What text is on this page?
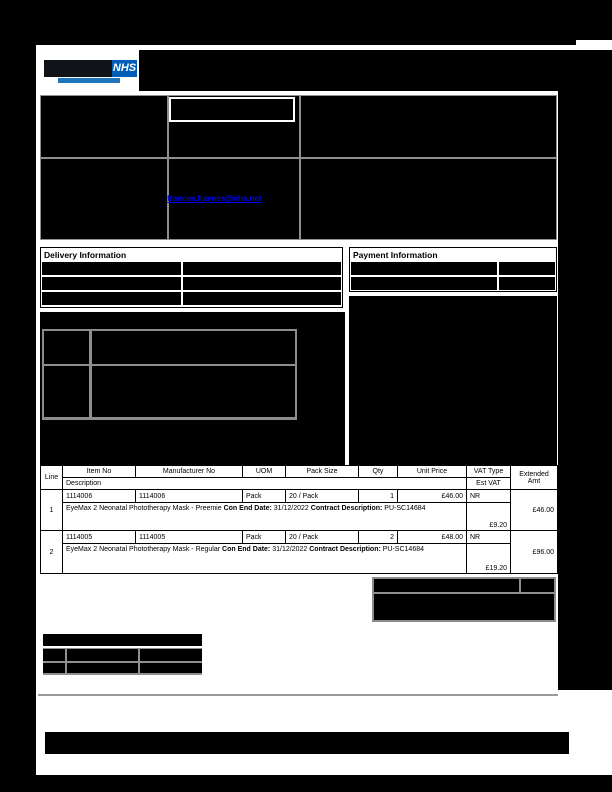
NHS
frances.haynes@nhs.net
Delivery Information	Payment Information
Line	Item No	Manufacturer No	UOM	Pack Size	Qty	Unit Price	VAT Type	Extended Amt
	Description						Est VAT	
1	1114006	1114006	Pack	20 / Pack	1	£46.00	NR	£46.00
	EyeMax 2 Neonatal Phototherapy Mask - Preemie Con End Date: 31/12/2022 Contract Description: PU-SC14684						£9.20	
2	1114005	1114005	Pack	20 / Pack	2	£48.00	NR	£96.00
	EyeMax 2 Neonatal Phototherapy Mask - Regular Con End Date: 31/12/2022 Contract Description: PU-SC14684						£19.20	
